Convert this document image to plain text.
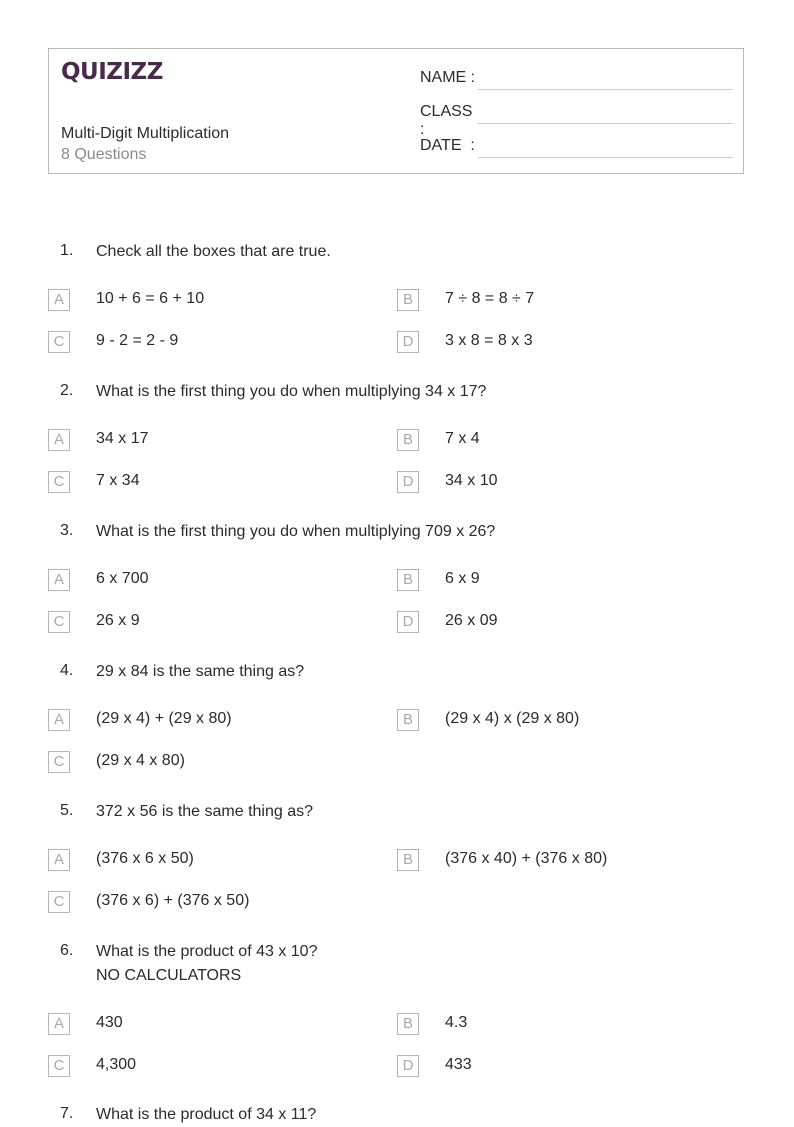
QUIZIZZ
Multi-Digit Multiplication
8 Questions
NAME :
CLASS :
DATE  :
1. Check all the boxes that are true.
A	10 + 6 = 6 + 10	B	7 ÷ 8 = 8 ÷ 7
C	9 - 2 = 2 - 9	D	3 x 8 = 8 x 3
2. What is the first thing you do when multiplying 34 x 17?
A	34 x 17	B	7 x 4
C	7 x 34	D	34 x 10
3. What is the first thing you do when multiplying 709 x 26?
A	6 x 700	B	6 x 9
C	26 x 9	D	26 x 09
4. 29 x 84 is the same thing as?
A	(29 x 4) + (29 x 80)	B	(29 x 4) x (29 x 80)
C	(29 x 4 x 80)
5. 372 x 56 is the same thing as?
A	(376 x 6 x 50)	B	(376 x 40) + (376 x 80)
C	(376 x 6) + (376 x 50)
6. What is the product of 43 x 10?
NO CALCULATORS
A	430	B	4.3
C	4,300	D	433
7. What is the product of 34 x 11?
